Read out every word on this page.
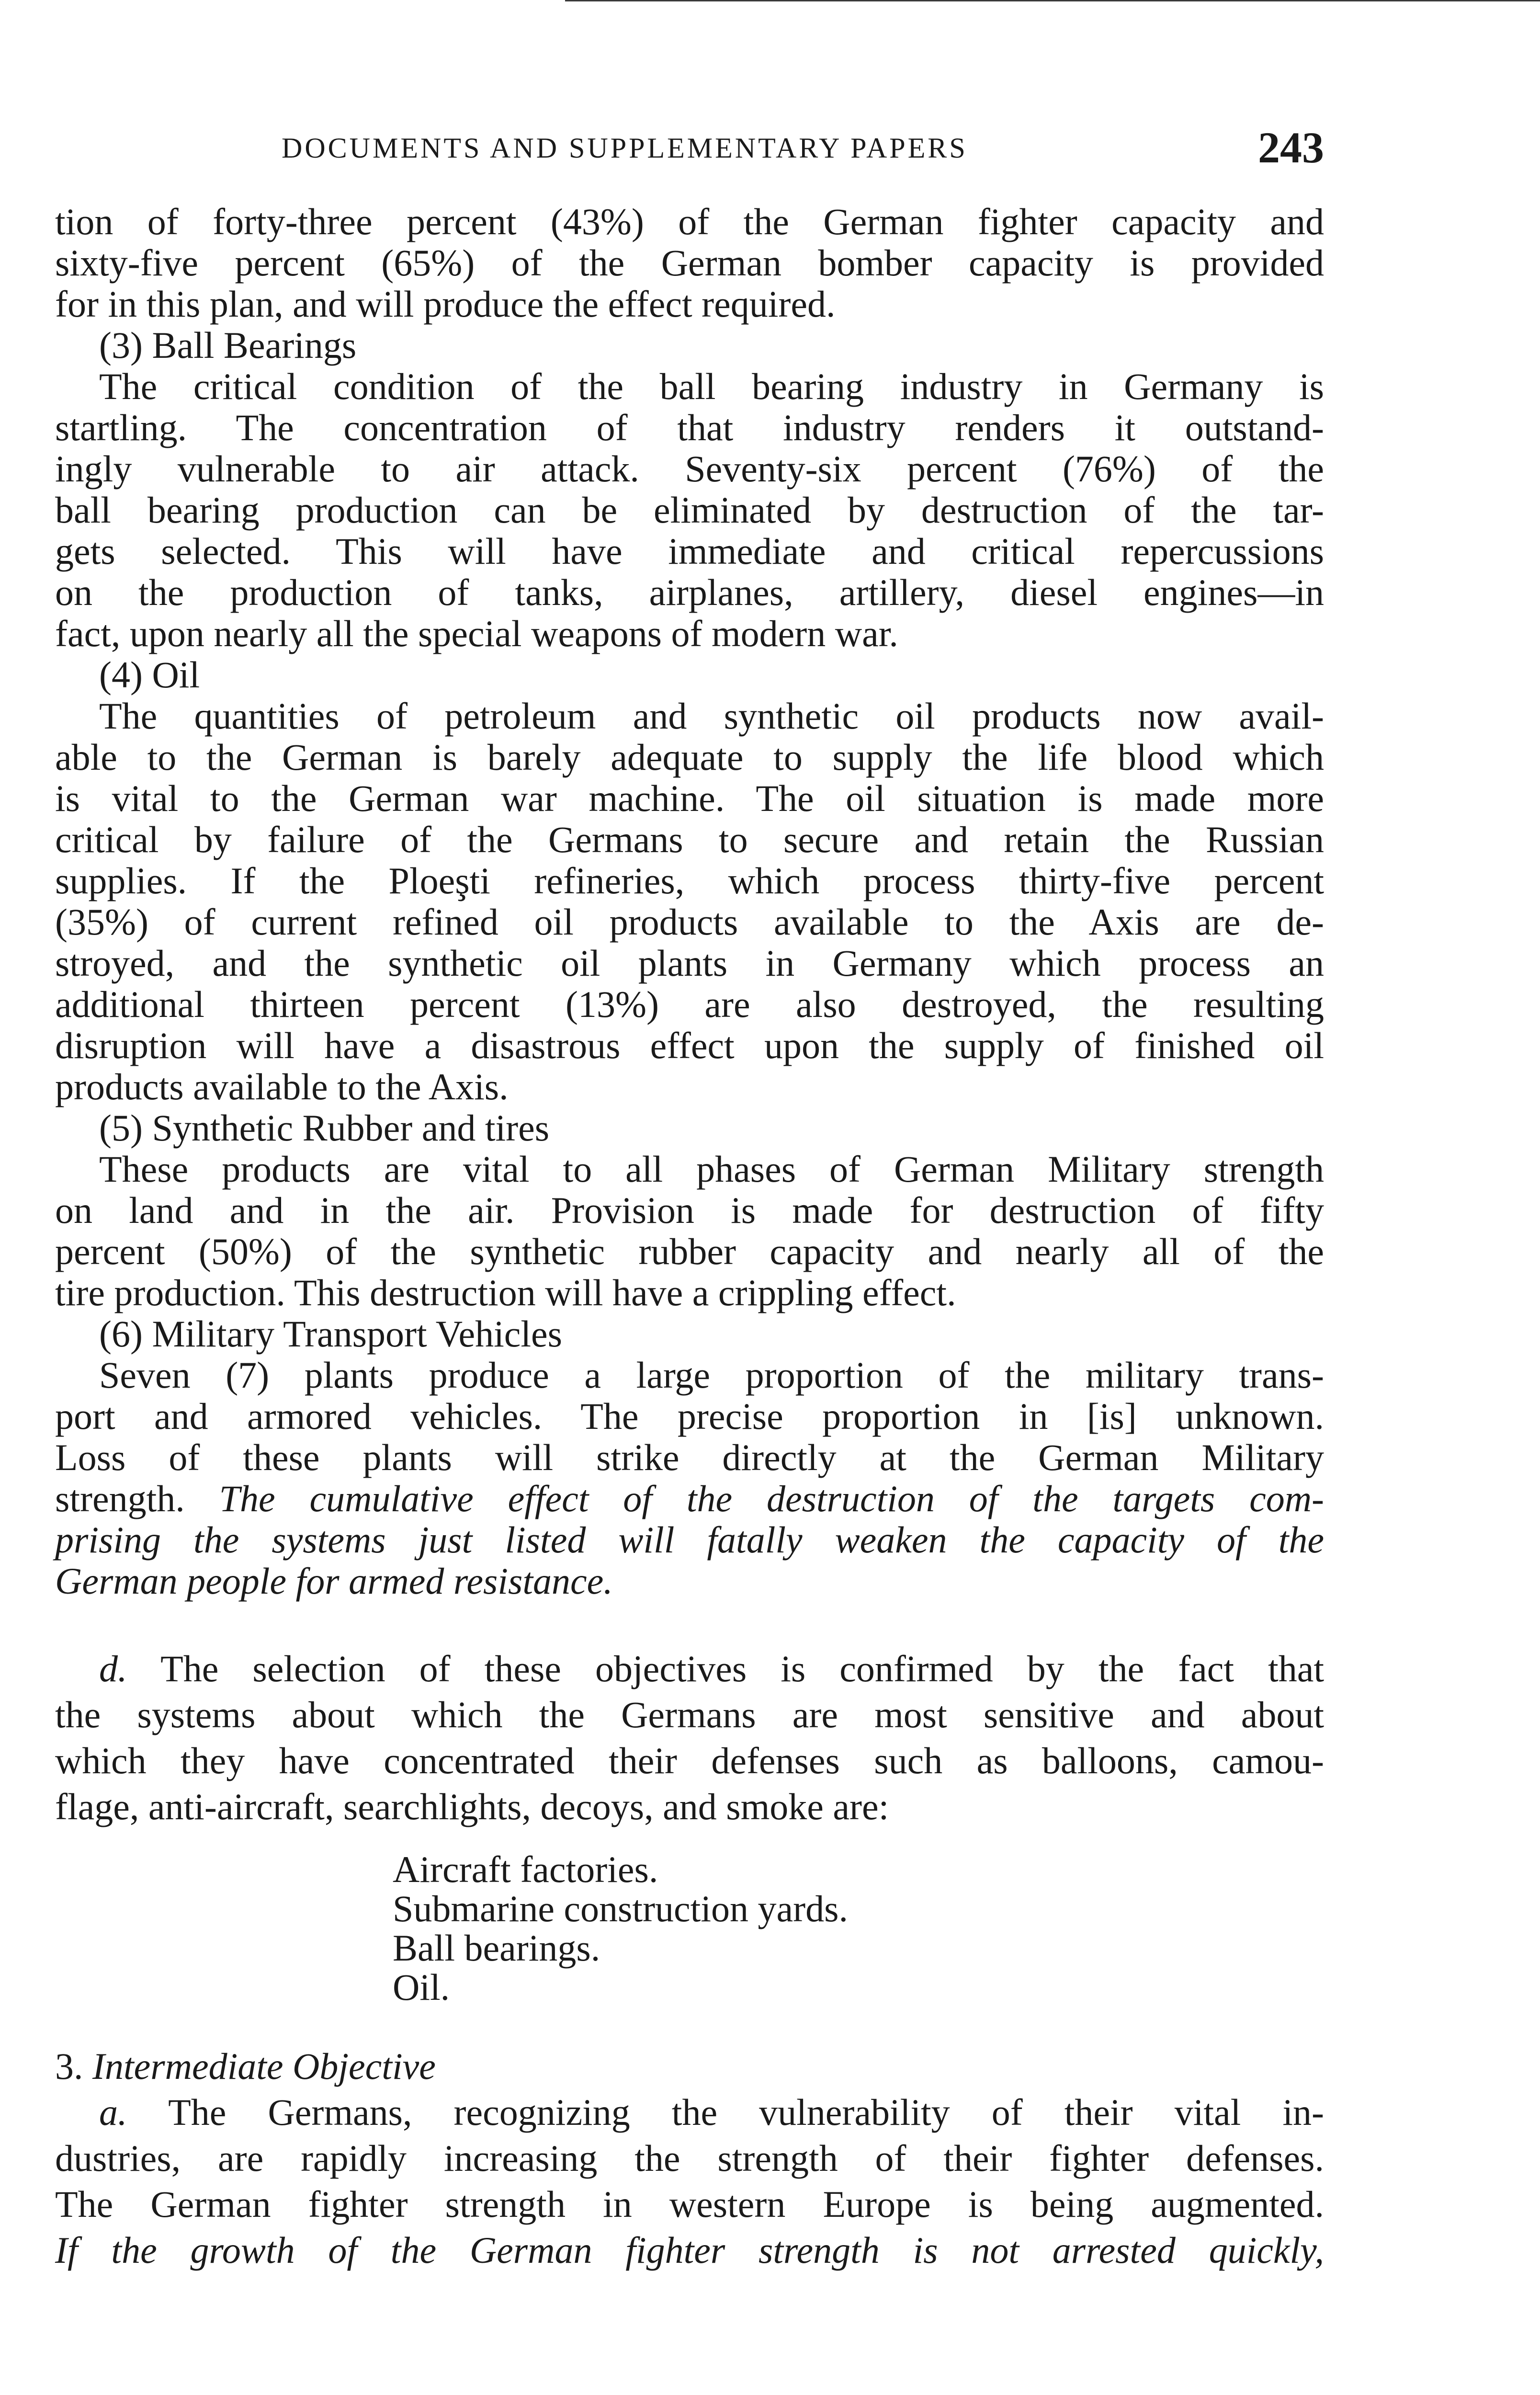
DOCUMENTS AND SUPPLEMENTARY PAPERS	243
tion of forty-three percent (43%) of the German fighter capacity and
sixty-five percent (65%) of the German bomber capacity is provided
for in this plan, and will produce the effect required.
(3) Ball Bearings
The critical condition of the ball bearing industry in Germany is
startling. The concentration of that industry renders it outstand-
ingly vulnerable to air attack. Seventy-six percent (76%) of the
ball bearing production can be eliminated by destruction of the tar-
gets selected. This will have immediate and critical repercussions
on the production of tanks, airplanes, artillery, diesel engines—in
fact, upon nearly all the special weapons of modern war.
(4) Oil
The quantities of petroleum and synthetic oil products now avail-
able to the German is barely adequate to supply the life blood which
is vital to the German war machine. The oil situation is made more
critical by failure of the Germans to secure and retain the Russian
supplies. If the Ploeşti refineries, which process thirty-five percent
(35%) of current refined oil products available to the Axis are de-
stroyed, and the synthetic oil plants in Germany which process an
additional thirteen percent (13%) are also destroyed, the resulting
disruption will have a disastrous effect upon the supply of finished oil
products available to the Axis.
(5) Synthetic Rubber and tires
These products are vital to all phases of German Military strength
on land and in the air. Provision is made for destruction of fifty
percent (50%) of the synthetic rubber capacity and nearly all of the
tire production. This destruction will have a crippling effect.
(6) Military Transport Vehicles
Seven (7) plants produce a large proportion of the military trans-
port and armored vehicles. The precise proportion in [is] unknown.
Loss of these plants will strike directly at the German Military
strength. The cumulative effect of the destruction of the targets com-
prising the systems just listed will fatally weaken the capacity of the
German people for armed resistance.
d. The selection of these objectives is confirmed by the fact that
the systems about which the Germans are most sensitive and about
which they have concentrated their defenses such as balloons, camou-
flage, anti-aircraft, searchlights, decoys, and smoke are:
Aircraft factories.
Submarine construction yards.
Ball bearings.
Oil.
3. Intermediate Objective
a. The Germans, recognizing the vulnerability of their vital in-
dustries, are rapidly increasing the strength of their fighter defenses.
The German fighter strength in western Europe is being augmented.
If the growth of the German fighter strength is not arrested quickly,
